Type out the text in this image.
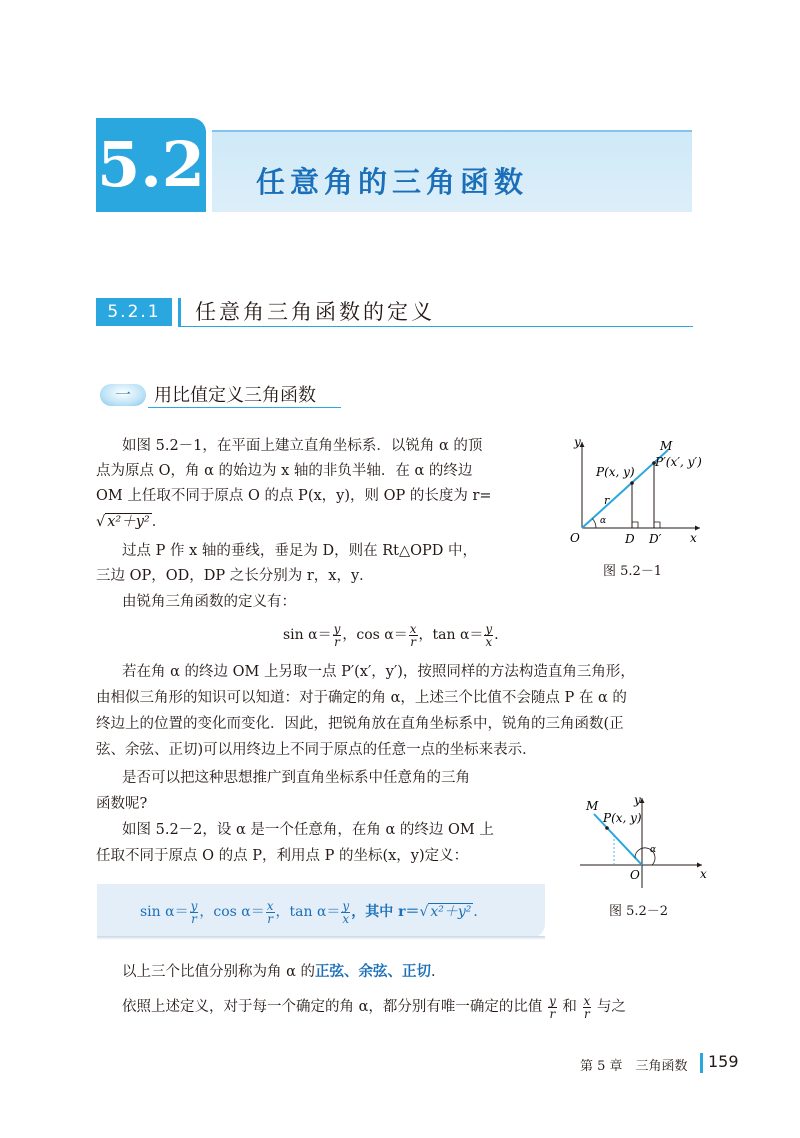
5.2 任意角的三角函数
5.2.1	任意角三角函数的定义
一	用比值定义三角函数
如图 5.2－1，在平面上建立直角坐标系．以锐角 α 的顶
点为原点 O，角 α 的始边为 x 轴的非负半轴．在 α 的终边
OM 上任取不同于原点 O 的点 P(x，y)，则 OP 的长度为 r=
√ x²＋y² ．
过点 P 作 x 轴的垂线，垂足为 D，则在 Rt△OPD 中，
三边 OP，OD，DP 之长分别为 r，x，y．
由锐角三角函数的定义有：
$\sin \alpha= \frac{y}{r}$ ，$\cos \alpha= \frac{x}{r}$ ，$\tan \alpha= \frac{y}{x}$ ．
若在角 α 的终边 OM 上另取一点 P′(x′，y′)，按照同样的方法构造直角三角形，
由相似三角形的知识可以知道：对于确定的角 α，上述三个比值不会随点 P 在 α 的
终边上的位置的变化而变化．因此，把锐角放在直角坐标系中，锐角的三角函数(正
弦、余弦、正切)可以用终边上不同于原点的任意一点的坐标来表示．
是否可以把这种思想推广到直角坐标系中任意角的三角
函数呢?
如图 5.2－2，设 α 是一个任意角，在角 α 的终边 OM 上
任取不同于原点 O 的点 P，利用点 P 的坐标(x，y)定义：
$\sin \alpha= \frac{y}{r}$ ，$\cos \alpha= \frac{x}{r}$ ，$\tan \alpha= \frac{y}{x}$ ，其中 r＝√ x²＋y² ．
以上三个比值分别称为角 α 的正弦、余弦、正切．
依照上述定义，对于每一个确定的角 α，都分别有唯一确定的比值 $\frac{y}{r}$ 和 $\frac{x}{r}$ 与之
y
x
O
M
P(x, y)
P′(x′, y′)
r
D D′
α
图 5.2－1
y
x
O
M
P(x, y)
α
图 5.2－2
第 5 章　三角函数 159
